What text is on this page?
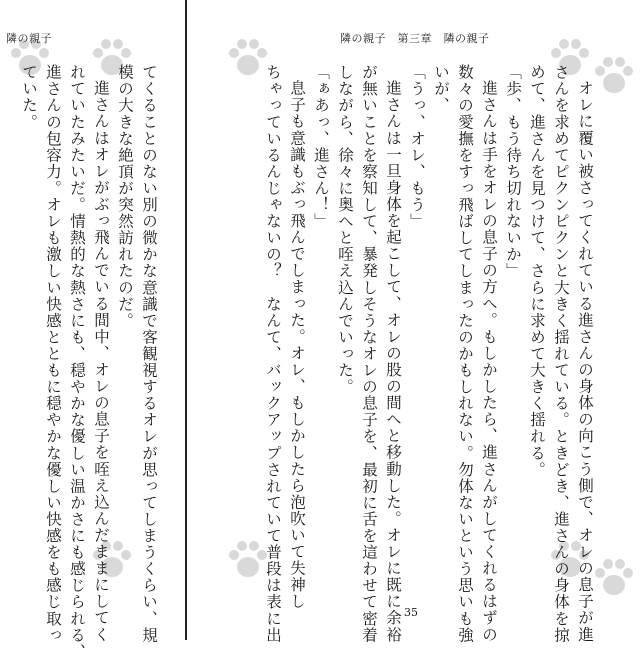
隣の親子
てくることのない別の微かな意識で客観視するオレが思ってしまうくらい、規
模の大きな絶頂が突然訪れたのだ。
進さんはオレがぶっ飛んでいる間中、オレの息子を咥え込んだままにしてく
れていたみたいだ。情熱的な熱さにも、穏やかな優しい温かさにも感じられる、
進さんの包容力。オレも激しい快感とともに穏やかな優しい快感をも感じ取っ
ていた。
隣の親子　第三章　隣の親子
オレに覆い被さってくれている進さんの身体の向こう側で、オレの息子が進
さんを求めてピクンピクンと大きく揺れている。ときどき、進さんの身体を掠
めて、進さんを見つけて、さらに求めて大きく揺れる。
「歩、もう待ち切れないか」
進さんは手をオレの息子の方へ。もしかしたら、進さんがしてくれるはずの
数々の愛撫をすっ飛ばしてしまったのかもしれない。勿体ないという思いも強
いが、
「うっ、オレ、もう」
進さんは一旦身体を起こして、オレの股の間へと移動した。オレに既に余裕
が無いことを察知して、暴発しそうなオレの息子を、最初に舌を這わせて密着
しながら、徐々に奥へと咥え込んでいった。
「ぁあっ、進さん！」
息子も意識もぶっ飛んでしまった。オレ、もしかしたら泡吹いて失神し
ちゃっているんじゃないの？　なんて、バックアップされていて普段は表に出	35
